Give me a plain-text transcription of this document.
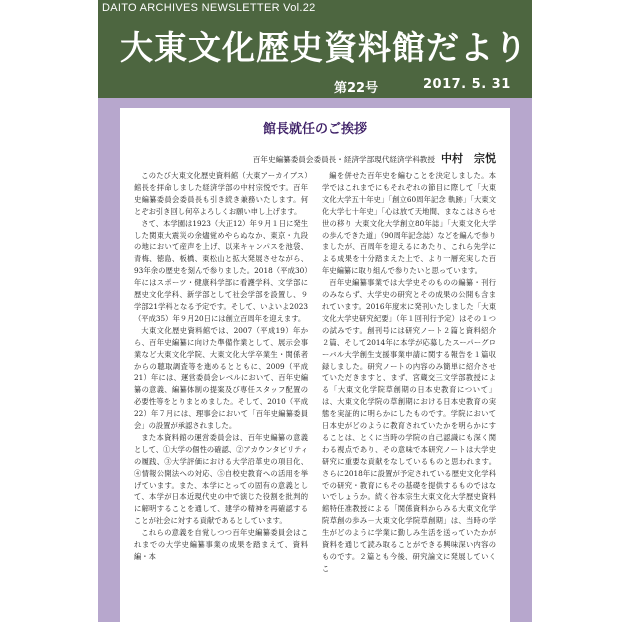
DAITO ARCHIVES NEWSLETTER Vol.22
大東文化歴史資料館だより
第22号	2017. 5. 31
館長就任のご挨拶
百年史編纂委員会委員長・経済学部現代経済学科教授 中村　宗悦

このたび大東文化歴史資料館（大東アーカイブス）館長を拝命しました経済学部の中村宗悦です。百年史編纂委員会委員長も引き続き兼務いたします。何とぞお引き回し何卒よろしくお願い申し上げます。

さて、本学園は1923（大正12）年９月１日に発生した関東大震災の余燼覚めやらぬなか、東京・九段の地において産声を上げ、以来キャンパスを池袋、青梅、徳島、板橋、東松山と拡大発展させながら、93年余の歴史を刻んで参りました。2018（平成30）年にはスポーツ・健康科学部に看護学科、文学部に歴史文化学科、新学部として社会学部を設置し、９学部21学科となる予定です。そして、いよいよ2023（平成35）年９月20日には創立百周年を迎えます。

大東文化歴史資料館では、2007（平成19）年から、百年史編纂に向けた準備作業として、展示会事業など大東文化学院、大東文化大学卒業生・関係者からの聴取調査等を進めるとともに、2009（平成21）年には、運営委員会レベルにおいて、百年史編纂の意義、編纂体制の提案及び専任スタッフ配置の必要性等をとりまとめました。そして、2010（平成22）年７月には、理事会において「百年史編纂委員会」の設置が承認されました。

また本資料館の運営委員会は、百年史編纂の意義として、①大学の個性の確認、②アカウンタビリティの履践、③大学評価における大学沿革史の項目化、④情報公開法への対応、⑤自校史教育への活用を挙げています。また、本学にとっての固有の意義として、本学が日本近現代史の中で演じた役割を批判的に解明することを通して、建学の精神を再確認することが社会に対する貢献であるとしています。

これらの意義を自覚しつつ百年史編纂委員会はこれまでの大学史編纂事業の成果を踏まえて、資料編・本

編を併せた百年史を編むことを決定しました。本学ではこれまでにもそれぞれの節目に際して「大東文化大学五十年史」「創立60周年記念 軌跡」「大東文化大学七十年史」「心は放て天地間、まなこはさらせ世の移り 大東文化大学創立80年誌」「大東文化大学の歩んできた道」（90周年記念誌）などを編んで参りましたが、百周年を迎えるにあたり、これら先学による成果を十分踏まえた上で、より一層充実した百年史編纂に取り組んで参りたいと思っています。

百年史編纂事業では大学史そのものの編纂・刊行のみならず、大学史の研究とその成果の公開も含まれています。2016年度末に発刊いたしました「大東文化大学史研究紀要」（年１回刊行予定）はその１つの試みです。創刊号には研究ノート２篇と資料紹介２篇、そして2014年に本学が応募したスーパーグローバル大学創生支援事業申請に関する報告を１篇収録しました。研究ノートの内容のみ簡単に紹介させていただきますと、まず、宮蔵交三文学部教授による「大東文化学院草創期の日本史教育について」は、大東文化学院の草創期における日本史教育の実態を実証的に明らかにしたものです。学院において日本史がどのように教育されていたかを明らかにすることは、とくに当時の学院の自己認識にも深く関わる視点であり、その意味で本研究ノートは大学史研究に重要な貢献をなしているものと思われます。さらに2018年に設置が予定されている歴史文化学科での研究・教育にもその基礎を提供するものではないでしょうか。続く谷本宗生大東文化大学歴史資料館特任准教授による「関係資料からみる大東文化学院草創の歩み－大東文化学院草創期」は、当時の学生がどのように学業に勤しみ生活を送っていたかが資料を通じて読み取ることができる興味深い内容のものです。２篇とも今後、研究論文に発展していくこ
